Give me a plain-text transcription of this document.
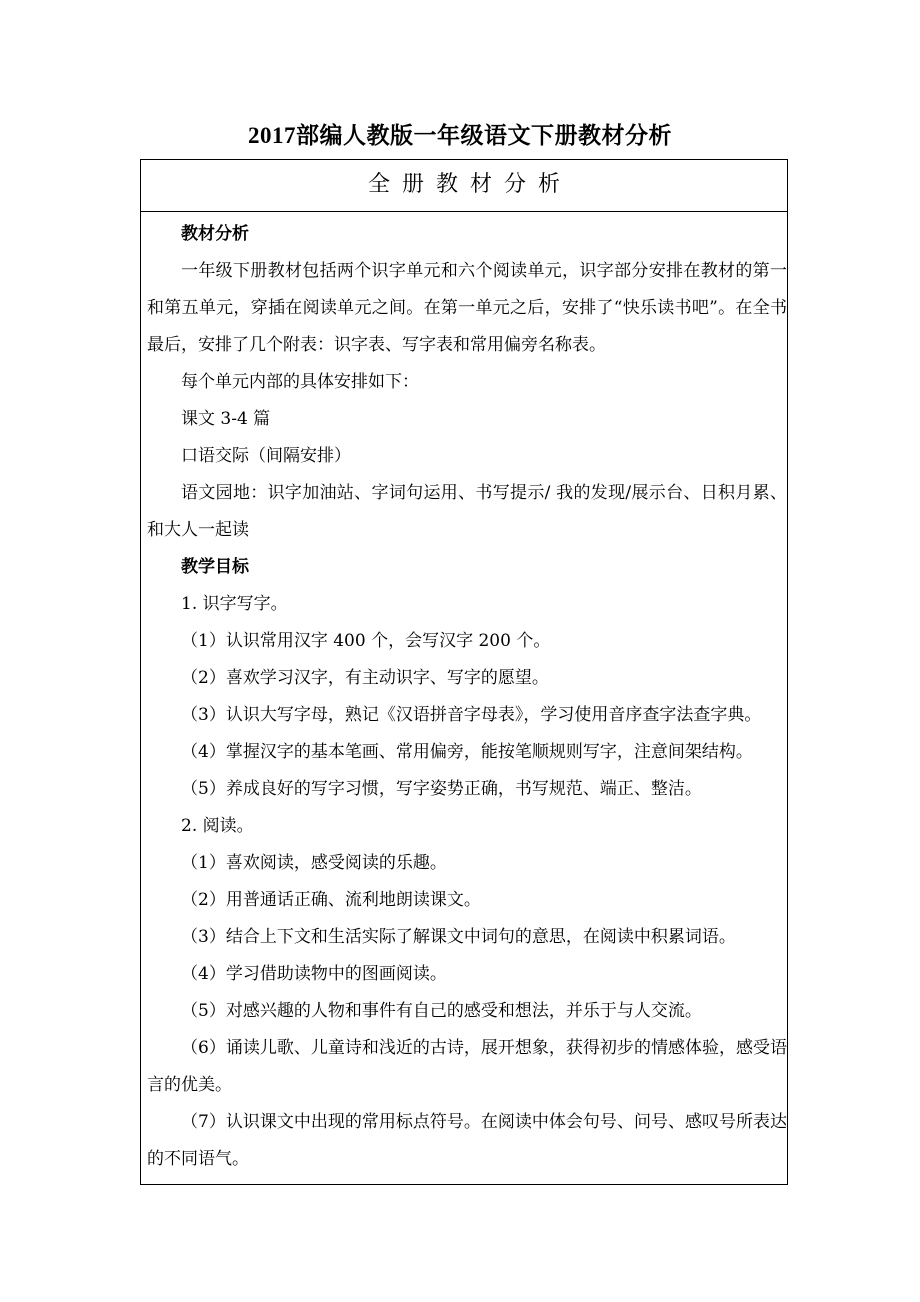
2017部编人教版一年级语文下册教材分析
全册教材分析

教材分析

一年级下册教材包括两个识字单元和六个阅读单元，识字部分安排在教材的第一和第五单元，穿插在阅读单元之间。在第一单元之后，安排了“快乐读书吧”。在全书最后，安排了几个附表：识字表、写字表和常用偏旁名称表。

每个单元内部的具体安排如下：

课文 3-4 篇

口语交际（间隔安排）

语文园地：识字加油站、字词句运用、书写提示/ 我的发现/展示台、日积月累、和大人一起读

教学目标

1. 识字写字。

（1）认识常用汉字 400 个，会写汉字 200 个。

（2）喜欢学习汉字，有主动识字、写字的愿望。

（3）认识大写字母，熟记《汉语拼音字母表》，学习使用音序查字法查字典。

（4）掌握汉字的基本笔画、常用偏旁，能按笔顺规则写字，注意间架结构。

（5）养成良好的写字习惯，写字姿势正确，书写规范、端正、整洁。

2. 阅读。

（1）喜欢阅读，感受阅读的乐趣。

（2）用普通话正确、流利地朗读课文。

（3）结合上下文和生活实际了解课文中词句的意思，在阅读中积累词语。

（4）学习借助读物中的图画阅读。

（5）对感兴趣的人物和事件有自己的感受和想法，并乐于与人交流。

（6）诵读儿歌、儿童诗和浅近的古诗，展开想象，获得初步的情感体验，感受语言的优美。

（7）认识课文中出现的常用标点符号。在阅读中体会句号、问号、感叹号所表达的不同语气。
